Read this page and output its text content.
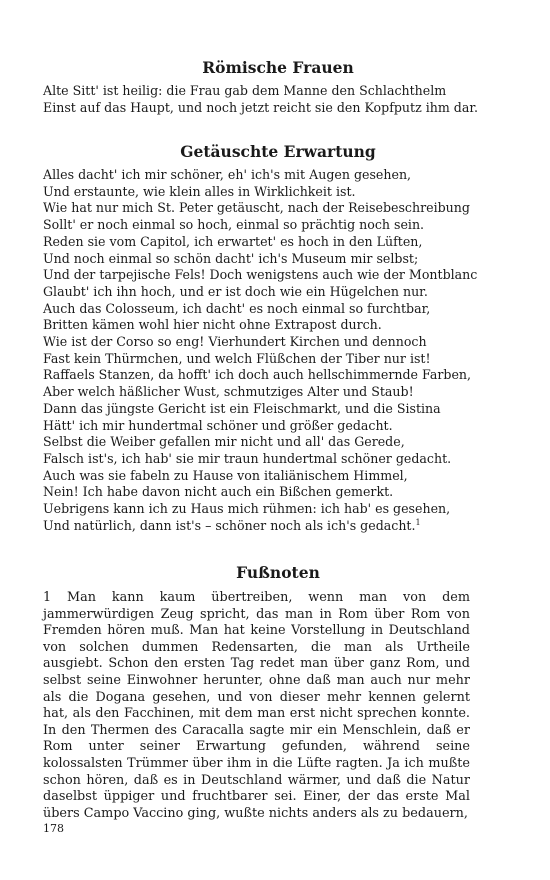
Römische Frauen
Alte Sitt' ist heilig: die Frau gab dem Manne den Schlachthelm
Einst auf das Haupt, und noch jetzt reicht sie den Kopfputz ihm dar.
Getäuschte Erwartung
Alles dacht' ich mir schöner, eh' ich's mit Augen gesehen,
Und erstaunte, wie klein alles in Wirklichkeit ist.
Wie hat nur mich St. Peter getäuscht, nach der Reisebeschreibung
Sollt' er noch einmal so hoch, einmal so prächtig noch sein.
Reden sie vom Capitol, ich erwartet' es hoch in den Lüften,
Und noch einmal so schön dacht' ich's Museum mir selbst;
Und der tarpejische Fels! Doch wenigstens auch wie der Montblanc
Glaubt' ich ihn hoch, und er ist doch wie ein Hügelchen nur.
Auch das Colosseum, ich dacht' es noch einmal so furchtbar,
Britten kämen wohl hier nicht ohne Extrapost durch.
Wie ist der Corso so eng! Vierhundert Kirchen und dennoch
Fast kein Thürmchen, und welch Flüßchen der Tiber nur ist!
Raffaels Stanzen, da hofft' ich doch auch hellschimmernde Farben,
Aber welch häßlicher Wust, schmutziges Alter und Staub!
Dann das jüngste Gericht ist ein Fleischmarkt, und die Sistina
Hätt' ich mir hundertmal schöner und größer gedacht.
Selbst die Weiber gefallen mir nicht und all' das Gerede,
Falsch ist's, ich hab' sie mir traun hundertmal schöner gedacht.
Auch was sie fabeln zu Hause von italiänischem Himmel,
Nein! Ich habe davon nicht auch ein Bißchen gemerkt.
Uebrigens kann ich zu Haus mich rühmen: ich hab' es gesehen,
Und natürlich, dann ist's – schöner noch als ich's gedacht.$^1$
Fußnoten

1 Man kann kaum übertreiben, wenn man von dem jammerwürdigen Zeug spricht, das man in Rom über Rom von Fremden hören muß. Man hat keine Vorstellung in Deutschland von solchen dummen Redensarten, die man als Urtheile ausgiebt. Schon den ersten Tag redet man über ganz Rom, und selbst seine Einwohner herunter, ohne daß man auch nur mehr als die Dogana gesehen, und von dieser mehr kennen gelernt hat, als den Facchinen, mit dem man erst nicht sprechen konnte. In den Thermen des Caracalla sagte mir ein Menschlein, daß er Rom unter seiner Erwartung gefunden, während seine kolossalsten Trümmer über ihm in die Lüfte ragten. Ja ich mußte schon hören, daß es in Deutschland wärmer, und daß die Natur daselbst üppiger und fruchtbarer sei. Einer, der das erste Mal übers Campo Vaccino ging, wußte nichts anders als zu bedauern,

178
